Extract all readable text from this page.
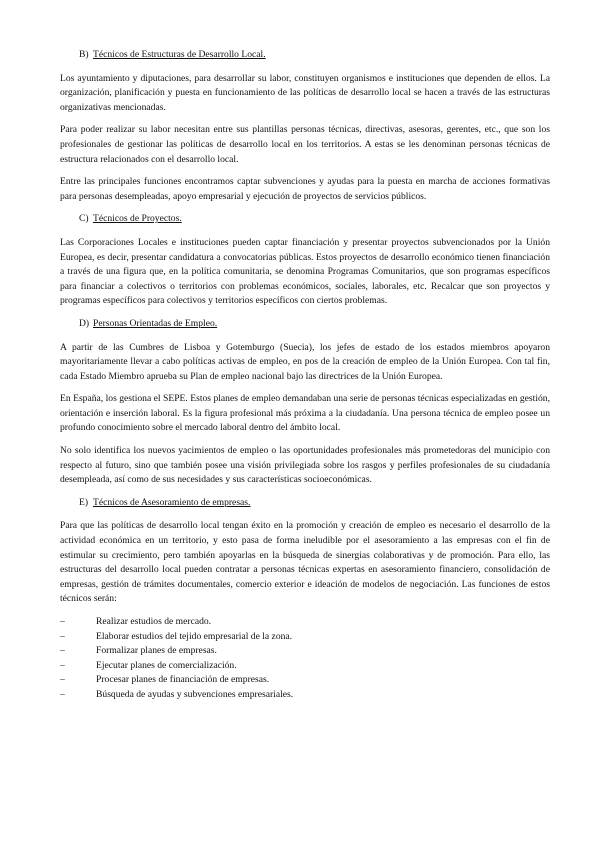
B) Técnicos de Estructuras de Desarrollo Local.

Los ayuntamiento y diputaciones, para desarrollar su labor, constituyen organismos e instituciones que dependen de ellos. La organización, planificación y puesta en funcionamiento de las políticas de desarrollo local se hacen a través de las estructuras organizativas mencionadas.

Para poder realizar su labor necesitan entre sus plantillas personas técnicas, directivas, asesoras, gerentes, etc., que son los profesionales de gestionar las políticas de desarrollo local en los territorios. A estas se les denominan personas técnicas de estructura relacionados con el desarrollo local.

Entre las principales funciones encontramos captar subvenciones y ayudas para la puesta en marcha de acciones formativas para personas desempleadas, apoyo empresarial y ejecución de proyectos de servicios públicos.

C) Técnicos de Proyectos.

Las Corporaciones Locales e instituciones pueden captar financiación y presentar proyectos subvencionados por la Unión Europea, es decir, presentar candidatura a convocatorias públicas. Estos proyectos de desarrollo económico tienen financiación a través de una figura que, en la política comunitaria, se denomina Programas Comunitarios, que son programas específicos para financiar a colectivos o territorios con problemas económicos, sociales, laborales, etc. Recalcar que son proyectos y programas específicos para colectivos y territorios específicos con ciertos problemas.

D) Personas Orientadas de Empleo.

A partir de las Cumbres de Lisboa y Gotemburgo (Suecia), los jefes de estado de los estados miembros apoyaron mayoritariamente llevar a cabo políticas activas de empleo, en pos de la creación de empleo de la Unión Europea. Con tal fin, cada Estado Miembro aprueba su Plan de empleo nacional bajo las directrices de la Unión Europea.

En España, los gestiona el SEPE. Estos planes de empleo demandaban una serie de personas técnicas especializadas en gestión, orientación e inserción laboral. Es la figura profesional más próxima a la ciudadanía. Una persona técnica de empleo posee un profundo conocimiento sobre el mercado laboral dentro del ámbito local.

No solo identifica los nuevos yacimientos de empleo o las oportunidades profesionales más prometedoras del municipio con respecto al futuro, sino que también posee una visión privilegiada sobre los rasgos y perfiles profesionales de su ciudadanía desempleada, así como de sus necesidades y sus características socioeconómicas.

E) Técnicos de Asesoramiento de empresas.

Para que las políticas de desarrollo local tengan éxito en la promoción y creación de empleo es necesario el desarrollo de la actividad económica en un territorio, y esto pasa de forma ineludible por el asesoramiento a las empresas con el fin de estimular su crecimiento, pero también apoyarlas en la búsqueda de sinergias colaborativas y de promoción. Para ello, las estructuras del desarrollo local pueden contratar a personas técnicas expertas en asesoramiento financiero, consolidación de empresas, gestión de trámites documentales, comercio exterior e ideación de modelos de negociación. Las funciones de estos técnicos serán:

–	Realizar estudios de mercado.
–	Elaborar estudios del tejido empresarial de la zona.
–	Formalizar planes de empresas.
–	Ejecutar planes de comercialización.
–	Procesar planes de financiación de empresas.
–	Búsqueda de ayudas y subvenciones empresariales.
